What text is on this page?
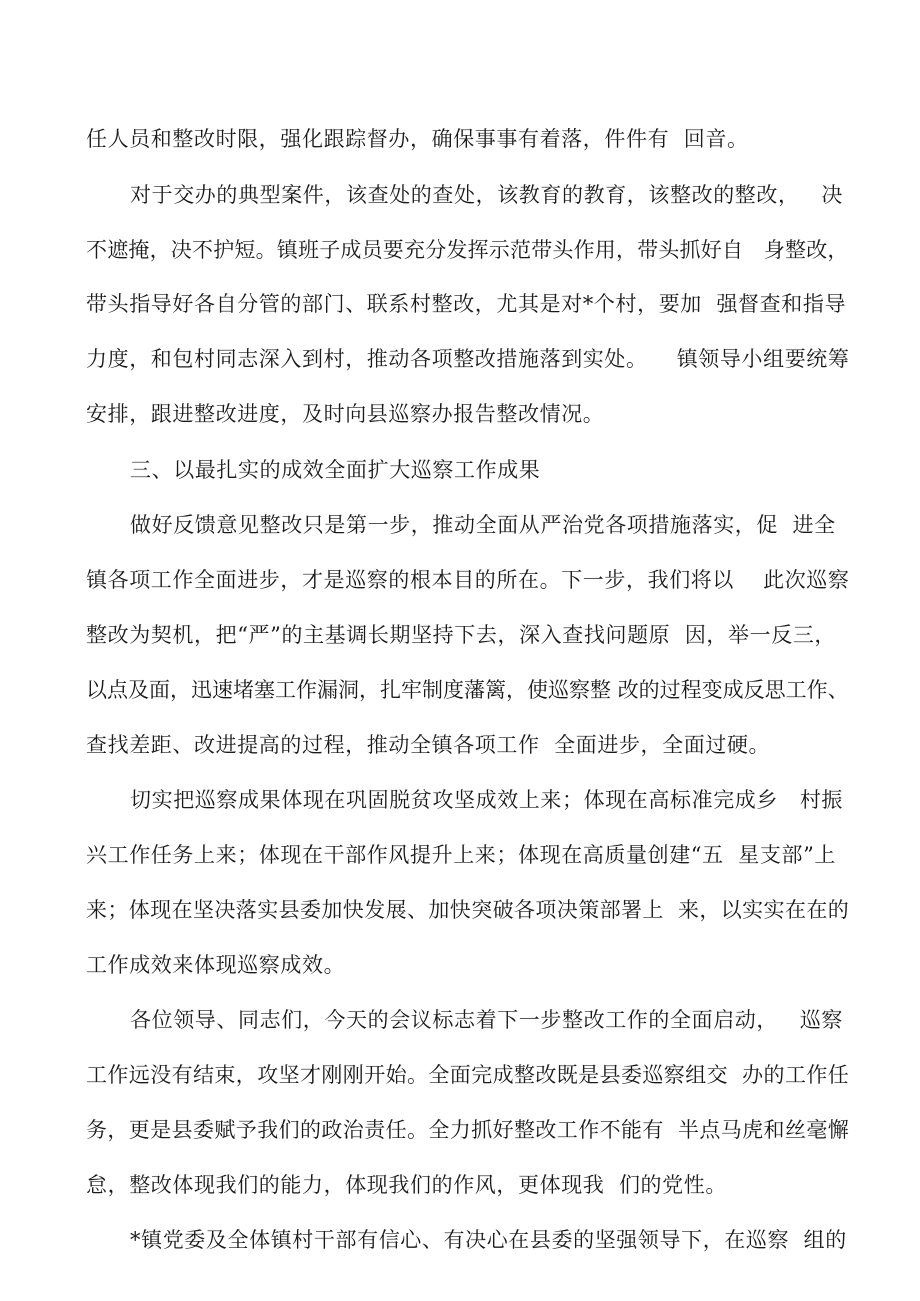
任人员和整改时限，强化跟踪督办，确保事事有着落，件件有  回音。
对于交办的典型案件，该查处的查处，该教育的教育，该整改的整改，   决
不遮掩，决不护短。镇班子成员要充分发挥示范带头作用，带头抓好自   身整改，
带头指导好各自分管的部门、联系村整改，尤其是对*个村，要加  强督查和指导
力度，和包村同志深入到村，推动各项整改措施落到实处。    镇领导小组要统筹
安排，跟进整改进度，及时向县巡察办报告整改情况。
三、以最扎实的成效全面扩大巡察工作成果
做好反馈意见整改只是第一步，推动全面从严治党各项措施落实，促  进全
镇各项工作全面进步，才是巡察的根本目的所在。下一步，我们将以    此次巡察
整改为契机，把“严”的主基调长期坚持下去，深入查找问题原  因，举一反三，
以点及面，迅速堵塞工作漏洞，扎牢制度藩篱，使巡察整 改的过程变成反思工作、
查找差距、改进提高的过程，推动全镇各项工作  全面进步，全面过硬。
切实把巡察成果体现在巩固脱贫攻坚成效上来；体现在高标准完成乡   村振
兴工作任务上来；体现在干部作风提升上来；体现在高质量创建“五  星支部”上
来；体现在坚决落实县委加快发展、加快突破各项决策部署上  来，以实实在在的
工作成效来体现巡察成效。
各位领导、同志们，今天的会议标志着下一步整改工作的全面启动，   巡察
工作远没有结束，攻坚才刚刚开始。全面完成整改既是县委巡察组交  办的工作任
务，更是县委赋予我们的政治责任。全力抓好整改工作不能有  半点马虎和丝毫懈
怠，整改体现我们的能力，体现我们的作风，更体现我  们的党性。
*镇党委及全体镇村干部有信心、有决心在县委的坚强领导下，在巡察  组的
